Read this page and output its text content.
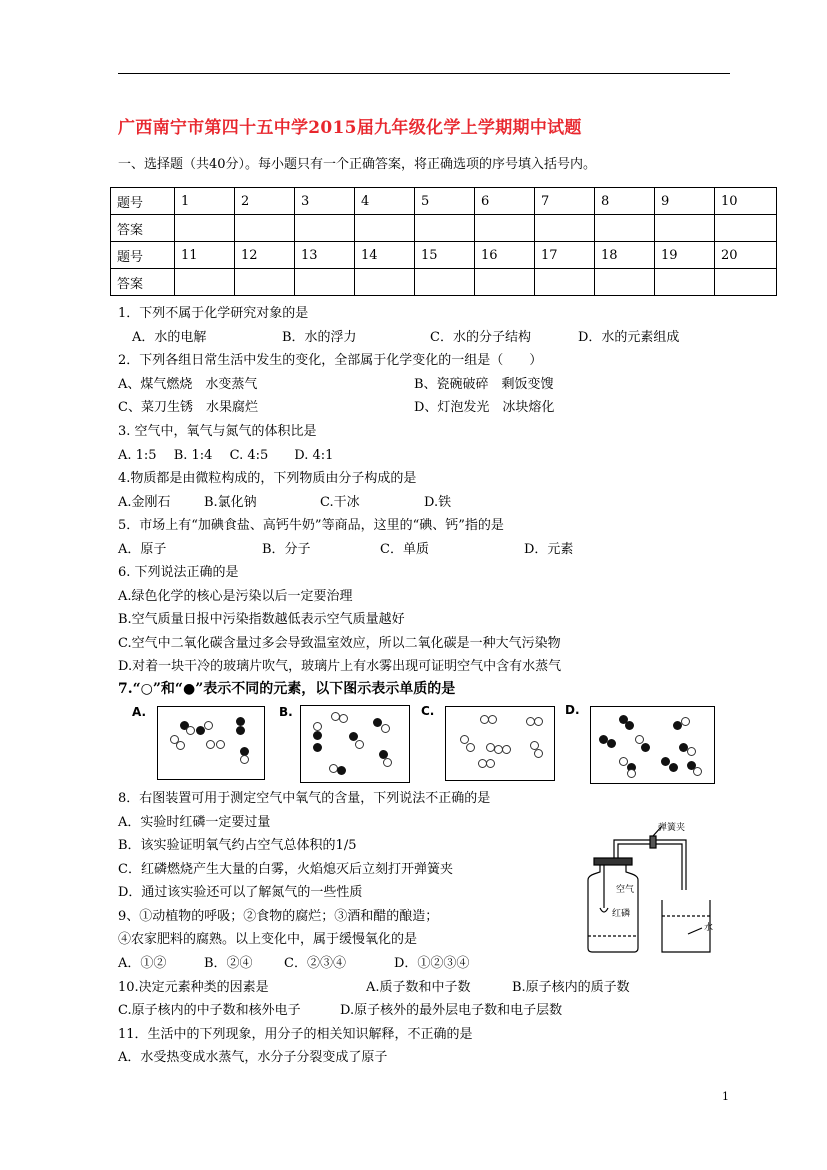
广西南宁市第四十五中学2015届九年级化学上学期期中试题
一、选择题（共40分）。每小题只有一个正确答案，将正确选项的序号填入括号内。
题号	1	2	3	4	5	6	7	8	9	10
答案										
题号	11	12	13	14	15	16	17	18	19	20
答案										
1．下列不属于化学研究对象的是
A．水的电解	B．水的浮力	C．水的分子结构	D．水的元素组成
2．下列各组日常生活中发生的变化，全部属于化学变化的一组是（　　）
A、煤气燃烧　水变蒸气	B、瓷碗破碎　剩饭变馊
C、菜刀生锈　水果腐烂	D、灯泡发光　冰块熔化
3. 空气中，氧气与氮气的体积比是
A. 1:5　 B. 1:4　 C. 4:5　　D. 4:1
4.物质都是由微粒构成的，下列物质由分子构成的是
A.金刚石	B.氯化钠	C.干冰	D.铁
5．市场上有“加碘食盐、高钙牛奶”等商品，这里的“碘、钙”指的是
A．原子	B．分子	C．单质	D．元素
6. 下列说法正确的是
A.绿色化学的核心是污染以后一定要治理
B.空气质量日报中污染指数越低表示空气质量越好
C.空气中二氧化碳含量过多会导致温室效应，所以二氧化碳是一种大气污染物
D.对着一块干冷的玻璃片吹气，玻璃片上有水雾出现可证明空气中含有水蒸气
7.“○”和“●”表示不同的元素，以下图示表示单质的是
A.	B.	C.	D.
8．右图装置可用于测定空气中氧气的含量，下列说法不正确的是
A．实验时红磷一定要过量
B．该实验证明氧气约占空气总体积的1/5
C．红磷燃烧产生大量的白雾，火焰熄灭后立刻打开弹簧夹
D．通过该实验还可以了解氮气的一些性质
弹簧夹
空气
红磷
水
9、①动植物的呼吸；②食物的腐烂；③酒和醋的酿造；
④农家肥料的腐熟。以上变化中，属于缓慢氧化的是
A．①②	B．②④ C．②③④	D．①②③④
10.决定元素种类的因素是	A.质子数和中子数	B.原子核内的质子数
C.原子核内的中子数和核外电子	D.原子核外的最外层电子数和电子层数
11．生活中的下列现象，用分子的相关知识解释，不正确的是
A．水受热变成水蒸气，水分子分裂变成了原子
1
